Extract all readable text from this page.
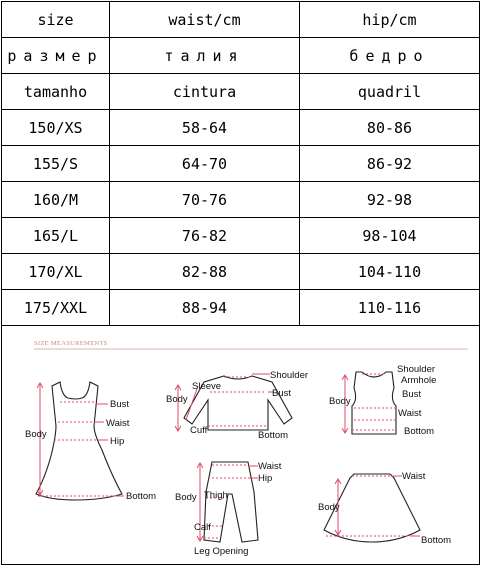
size	waist/cm	hip/cm
размер	талия	бедро
tamanho	cintura	quadril
150/XS	58-64	80-86
155/S	64-70	86-92
160/M	70-76	92-98
165/L	76-82	98-104
170/XL	82-88	104-110
175/XXL	88-94	110-116
SIZE MEASUREMENTS
Bust
Waist
Hip
Body
Bottom
Sleeve
Shoulder
Bust
Body
Cuff	Bottom
Shoulder
Armhole
Bust
Body
Waist
Bottom
Waist
Hip
Body Thigh
Calf
Leg Opening
Waist
Body
Bottom
